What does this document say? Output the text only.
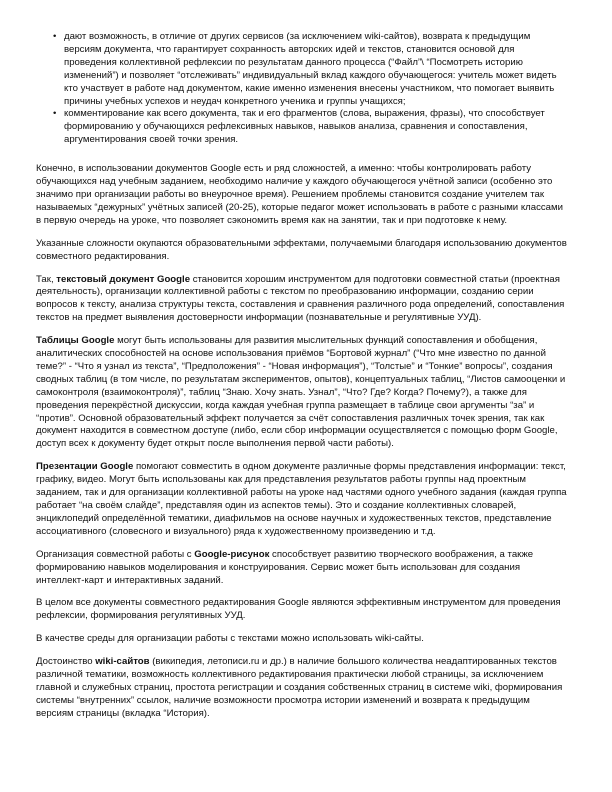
• дают возможность, в отличие от других сервисов (за исключением wiki-сайтов), возврата к предыдущим версиям документа, что гарантирует сохранность авторских идей и текстов, становится основой для проведения коллективной рефлексии по результатам данного процесса (“Файл”\ “Посмотреть историю изменений”) и позволяет “отслеживать” индивидуальный вклад каждого обучающегося: учитель может видеть кто участвует в работе над документом, какие именно изменения внесены участником, что помогает выявить причины учебных успехов и неудач конкретного ученика и группы учащихся;
• комментирование как всего документа, так и его фрагментов (слова, выражения, фразы), что способствует формированию у обучающихся рефлексивных навыков, навыков анализа, сравнения и сопоставления, аргументирования своей точки зрения.

Конечно, в использовании документов Google есть и ряд сложностей, а именно: чтобы контролировать работу обучающихся над учебным заданием, необходимо наличие у каждого обучающегося учётной записи (особенно это значимо при организации работы во внеурочное время). Решением проблемы становится создание учителем так называемых “дежурных” учётных записей (20-25), которые педагог может использовать в работе с разными классами в первую очередь на уроке, что позволяет сэкономить время как на занятии, так и при подготовке к нему.

Указанные сложности окупаются образовательными эффектами, получаемыми благодаря использованию документов совместного редактирования.

Так, текстовый документ Google становится хорошим инструментом для подготовки совместной статьи (проектная деятельность), организации коллективной работы с текстом по преобразованию информации, созданию серии вопросов к тексту, анализа структуры текста, составления и сравнения различного рода определений, сопоставления текстов на предмет выявления достоверности информации (познавательные и регулятивные УУД).

Таблицы Google могут быть использованы для развития мыслительных функций сопоставления и обобщения, аналитических способностей на основе использования приёмов “Бортовой журнал” (“Что мне известно по данной теме?” - “Что я узнал из текста”, “Предположения” - “Новая информация”), “Толстые” и “Тонкие” вопросы”, создания сводных таблиц (в том числе, по результатам экспериментов, опытов), концептуальных таблиц, “Листов самооценки и самоконтроля (взаимоконтроля)”, таблиц “Знаю. Хочу знать. Узнал”, “Что? Где? Когда? Почему?), а также для проведения перекрёстной дискуссии, когда каждая учебная группа размещает в таблице свои аргументы “за” и “против”. Основной образовательный эффект получается за счёт сопоставления различных точек зрения, так как документ находится в совместном доступе (либо, если сбор информации осуществляется с помощью форм Google, доступ всех к документу будет открыт после выполнения первой части работы).

Презентации Google помогают совместить в одном документе различные формы представления информации: текст, графику, видео. Могут быть использованы как для представления результатов работы группы над проектным заданием, так и для организации коллективной работы на уроке над частями одного учебного задания (каждая группа работает “на своём слайде”, представляя один из аспектов темы). Это и создание коллективных словарей, энциклопедий определённой тематики, диафильмов на основе научных и художественных текстов, представление ассоциативного (словесного и визуального) ряда к художественному произведению и т.д.

Организация совместной работы с Google-рисунок способствует развитию творческого воображения, а также формированию навыков моделирования и конструирования. Сервис может быть использован для создания интеллект-карт и интерактивных заданий.

В целом все документы совместного редактирования Google являются эффективным инструментом для проведения рефлексии, формирования регулятивных УУД.

В качестве среды для организации работы с текстами можно использовать wiki-сайты.

Достоинство wiki-сайтов (википедия, летописи.ru и др.) в наличие большого количества неадаптированных текстов различной тематики, возможность коллективного редактирования практически любой страницы, за исключением главной и служебных страниц, простота регистрации и создания собственных страниц в системе wiki, формирования системы “внутренних” ссылок, наличие возможности просмотра истории изменений и возврата к предыдущим версиям страницы (вкладка “История).
